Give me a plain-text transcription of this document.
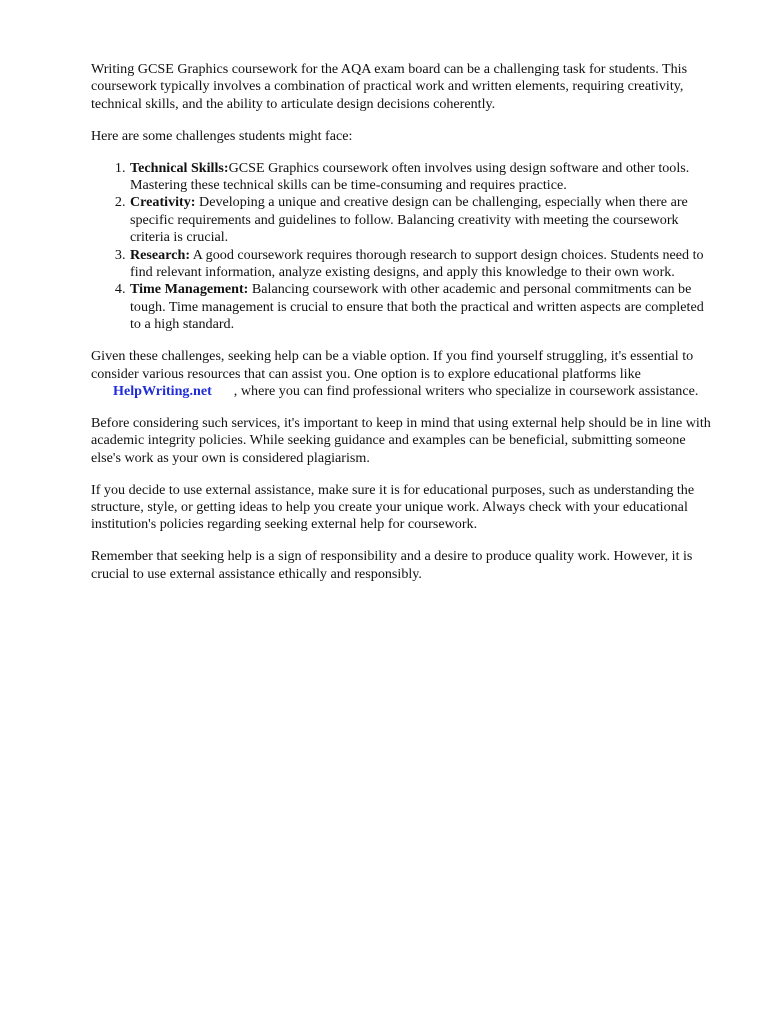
Writing GCSE Graphics coursework for the AQA exam board can be a challenging task for students. This coursework typically involves a combination of practical work and written elements, requiring creativity, technical skills, and the ability to articulate design decisions coherently.

Here are some challenges students might face:

1. Technical Skills:GCSE Graphics coursework often involves using design software and other tools. Mastering these technical skills can be time-consuming and requires practice.
2. Creativity: Developing a unique and creative design can be challenging, especially when there are specific requirements and guidelines to follow. Balancing creativity with meeting the coursework criteria is crucial.
3. Research: A good coursework requires thorough research to support design choices. Students need to find relevant information, analyze existing designs, and apply this knowledge to their own work.
4. Time Management: Balancing coursework with other academic and personal commitments can be tough. Time management is crucial to ensure that both the practical and written aspects are completed to a high standard.

Given these challenges, seeking help can be a viable option. If you find yourself struggling, it's essential to consider various resources that can assist you. One option is to explore educational platforms likeHelpWriting.net , where you can find professional writers who specialize in coursework assistance.

Before considering such services, it's important to keep in mind that using external help should be in line with academic integrity policies. While seeking guidance and examples can be beneficial, submitting someone else's work as your own is considered plagiarism.

If you decide to use external assistance, make sure it is for educational purposes, such as understanding the structure, style, or getting ideas to help you create your unique work. Always check with your educational institution's policies regarding seeking external help for coursework.

Remember that seeking help is a sign of responsibility and a desire to produce quality work. However, it is crucial to use external assistance ethically and responsibly.
